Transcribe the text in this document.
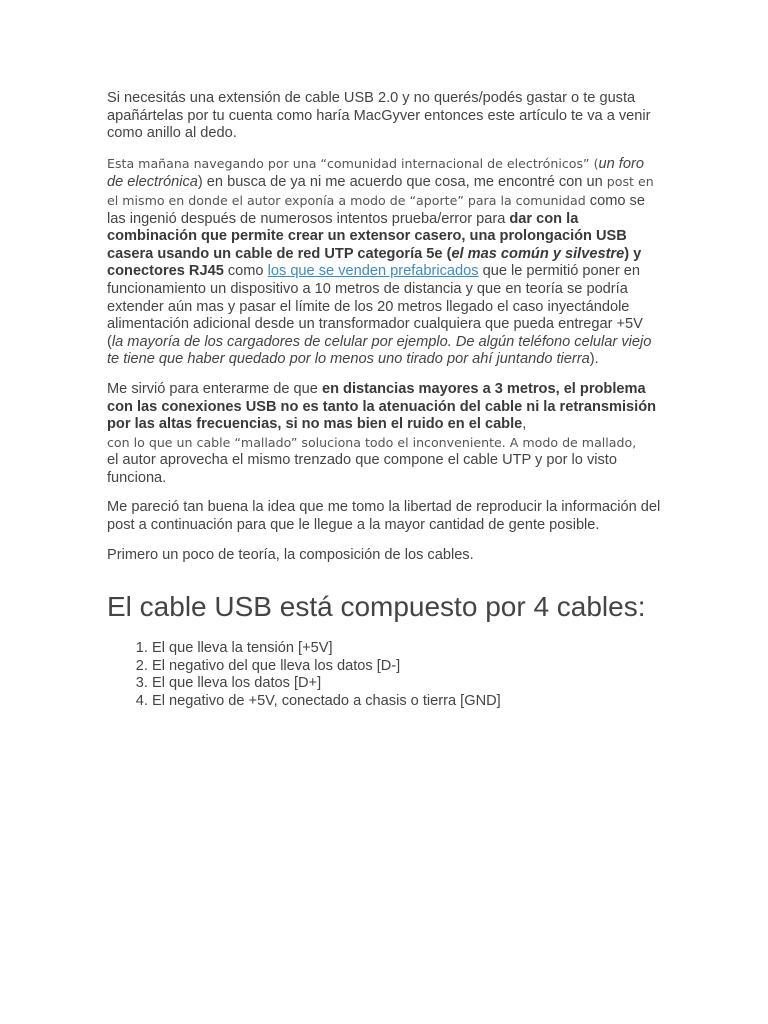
Si necesitás una extensión de cable USB 2.0 y no querés/podés gastar o te gusta apañártelas por tu cuenta como haría MacGyver entonces este artículo te va a venir como anillo al dedo.

Esta mañana navegando por una “comunidad internacional de electrónicos” (un foro de electrónica) en busca de ya ni me acuerdo que cosa, me encontré con un post en el mismo en donde el autor exponía a modo de “aporte” para la comunidad como se las ingenió después de numerosos intentos prueba/error para dar con la combinación que permite crear un extensor casero, una prolongación USB casera usando un cable de red UTP categoría 5e (el mas común y silvestre) y conectores RJ45 como los que se venden prefabricados que le permitió poner en funcionamiento un dispositivo a 10 metros de distancia y que en teoría se podría extender aún mas y pasar el límite de los 20 metros llegado el caso inyectándole alimentación adicional desde un transformador cualquiera que pueda entregar +5V (la mayoría de los cargadores de celular por ejemplo. De algún teléfono celular viejo te tiene que haber quedado por lo menos uno tirado por ahí juntando tierra).

Me sirvió para enterarme de que en distancias mayores a 3 metros, el problema con las conexiones USB no es tanto la atenuación del cable ni la retransmisión por las altas frecuencias, si no mas bien el ruido en el cable,
con lo que un cable “mallado” soluciona todo el inconveniente. A modo de mallado,
el autor aprovecha el mismo trenzado que compone el cable UTP y por lo visto funciona.

Me pareció tan buena la idea que me tomo la libertad de reproducir la información del post a continuación para que le llegue a la mayor cantidad de gente posible.

Primero un poco de teoría, la composición de los cables.

El cable USB está compuesto por 4 cables:
1. El que lleva la tensión [+5V]
2. El negativo del que lleva los datos [D-]
3. El que lleva los datos [D+]
4. El negativo de +5V, conectado a chasis o tierra [GND]
